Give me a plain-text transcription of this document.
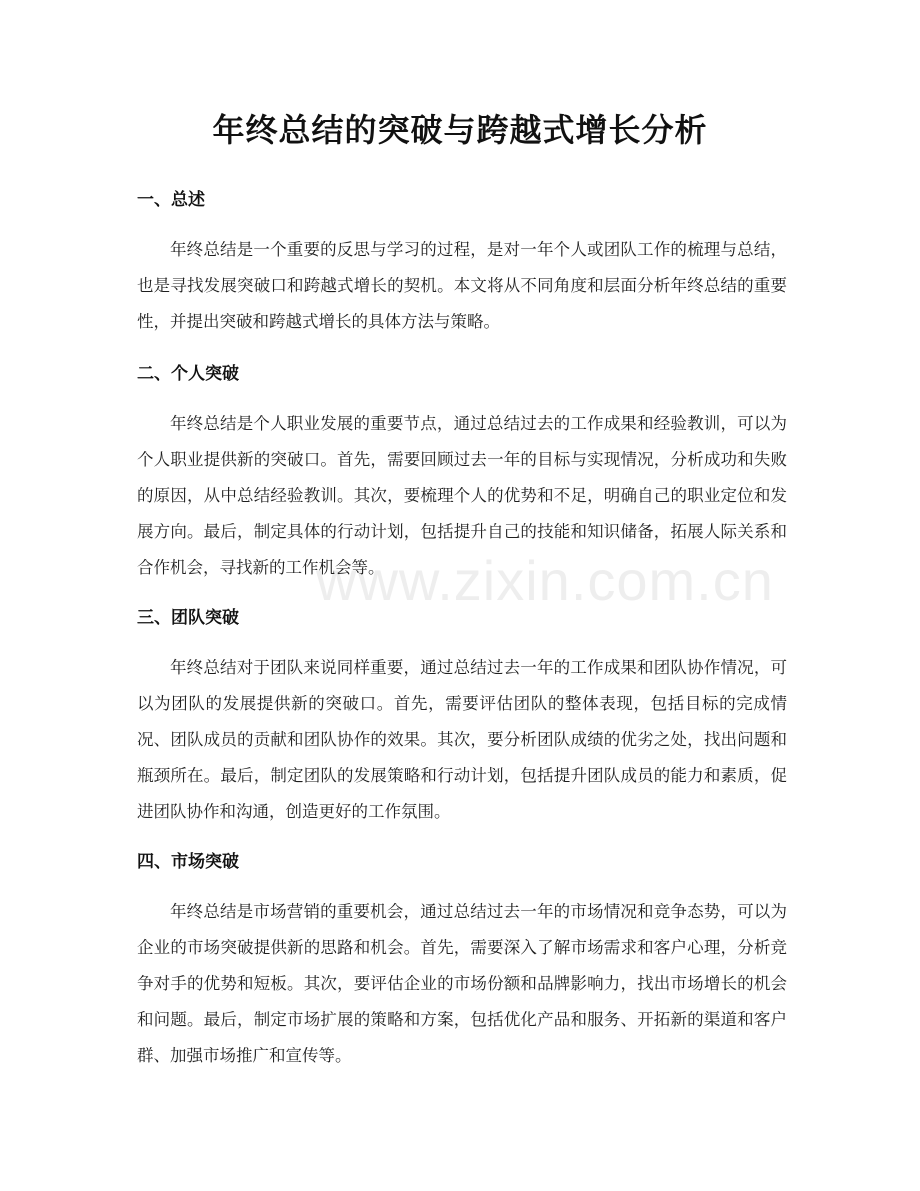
年终总结的突破与跨越式增长分析
www.zixin.com.cn
一、总述

年终总结是一个重要的反思与学习的过程，是对一年个人或团队工作的梳理与总结，也是寻找发展突破口和跨越式增长的契机。本文将从不同角度和层面分析年终总结的重要性，并提出突破和跨越式增长的具体方法与策略。

二、个人突破

年终总结是个人职业发展的重要节点，通过总结过去的工作成果和经验教训，可以为个人职业提供新的突破口。首先，需要回顾过去一年的目标与实现情况，分析成功和失败的原因，从中总结经验教训。其次，要梳理个人的优势和不足，明确自己的职业定位和发展方向。最后，制定具体的行动计划，包括提升自己的技能和知识储备，拓展人际关系和合作机会，寻找新的工作机会等。

三、团队突破

年终总结对于团队来说同样重要，通过总结过去一年的工作成果和团队协作情况，可以为团队的发展提供新的突破口。首先，需要评估团队的整体表现，包括目标的完成情况、团队成员的贡献和团队协作的效果。其次，要分析团队成绩的优劣之处，找出问题和瓶颈所在。最后，制定团队的发展策略和行动计划，包括提升团队成员的能力和素质，促进团队协作和沟通，创造更好的工作氛围。

四、市场突破

年终总结是市场营销的重要机会，通过总结过去一年的市场情况和竞争态势，可以为企业的市场突破提供新的思路和机会。首先，需要深入了解市场需求和客户心理，分析竞争对手的优势和短板。其次，要评估企业的市场份额和品牌影响力，找出市场增长的机会和问题。最后，制定市场扩展的策略和方案，包括优化产品和服务、开拓新的渠道和客户群、加强市场推广和宣传等。
